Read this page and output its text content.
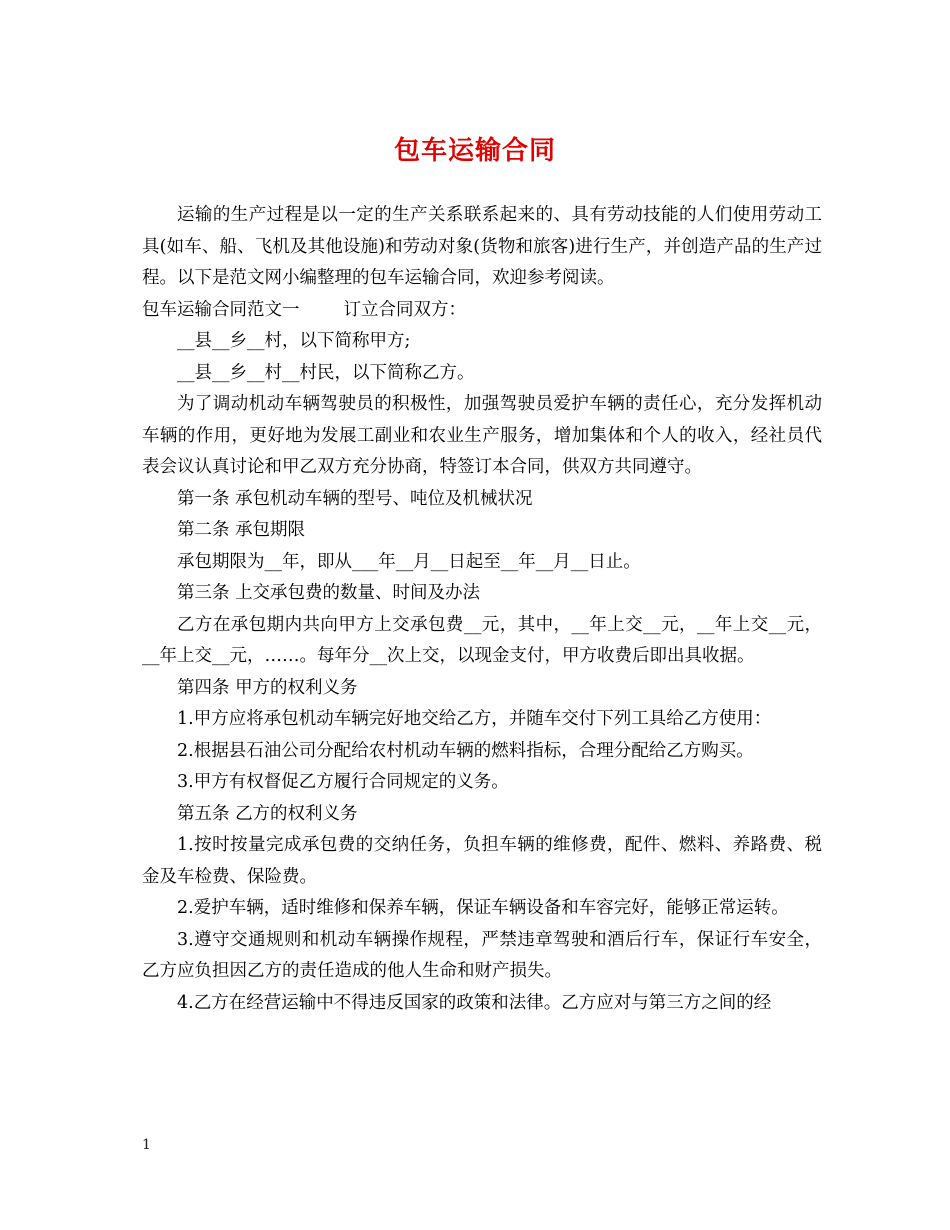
包车运输合同

运输的生产过程是以一定的生产关系联系起来的、具有劳动技能的人们使用劳动工具(如车、船、飞机及其他设施)和劳动对象(货物和旅客)进行生产，并创造产品的生产过程。以下是范文网小编整理的包车运输合同，欢迎参考阅读。

包车运输合同范文一	订立合同双方：

__县__乡__村，以下简称甲方;

__县__乡__村__村民，以下简称乙方。

为了调动机动车辆驾驶员的积极性，加强驾驶员爱护车辆的责任心，充分发挥机动车辆的作用，更好地为发展工副业和农业生产服务，增加集体和个人的收入，经社员代表会议认真讨论和甲乙双方充分协商，特签订本合同，供双方共同遵守。

第一条 承包机动车辆的型号、吨位及机械状况

第二条 承包期限

承包期限为__年，即从___年__月__日起至__年__月__日止。

第三条 上交承包费的数量、时间及办法

乙方在承包期内共向甲方上交承包费__元，其中，__年上交__元，__年上交__元，__年上交__元，……。每年分__次上交，以现金支付，甲方收费后即出具收据。

第四条 甲方的权利义务

1.甲方应将承包机动车辆完好地交给乙方，并随车交付下列工具给乙方使用：

2.根据县石油公司分配给农村机动车辆的燃料指标，合理分配给乙方购买。

3.甲方有权督促乙方履行合同规定的义务。

第五条 乙方的权利义务

1.按时按量完成承包费的交纳任务，负担车辆的维修费，配件、燃料、养路费、税金及车检费、保险费。

2.爱护车辆，适时维修和保养车辆，保证车辆设备和车容完好，能够正常运转。

3.遵守交通规则和机动车辆操作规程，严禁违章驾驶和酒后行车，保证行车安全，乙方应负担因乙方的责任造成的他人生命和财产损失。

4.乙方在经营运输中不得违反国家的政策和法律。乙方应对与第三方之间的经

1
